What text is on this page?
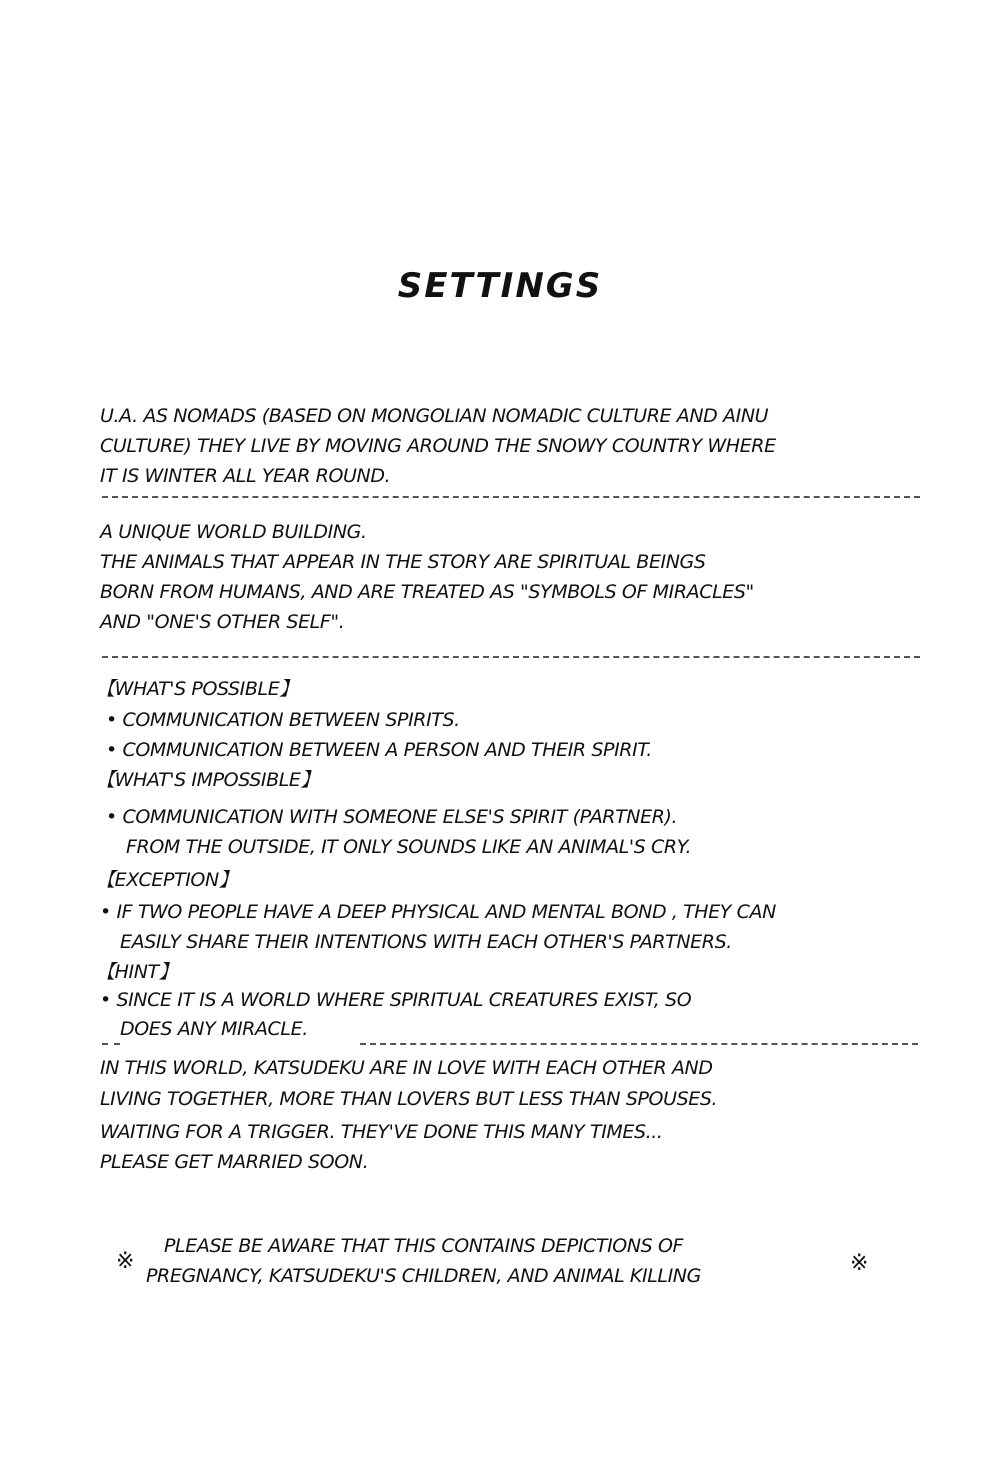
SETTINGS
U.A. AS NOMADS (BASED ON MONGOLIAN NOMADIC CULTURE AND AINU
CULTURE) THEY LIVE BY MOVING AROUND THE SNOWY COUNTRY WHERE
IT IS WINTER ALL YEAR ROUND.
A UNIQUE WORLD BUILDING.
THE ANIMALS THAT APPEAR IN THE STORY ARE SPIRITUAL BEINGS
BORN FROM HUMANS, AND ARE TREATED AS "SYMBOLS OF MIRACLES"
AND "ONE'S OTHER SELF".
【WHAT'S POSSIBLE】
• COMMUNICATION BETWEEN SPIRITS.
• COMMUNICATION BETWEEN A PERSON AND THEIR SPIRIT.
【WHAT'S IMPOSSIBLE】
• COMMUNICATION WITH SOMEONE ELSE'S SPIRIT (PARTNER).
FROM THE OUTSIDE, IT ONLY SOUNDS LIKE AN ANIMAL'S CRY.
【EXCEPTION】
• IF TWO PEOPLE HAVE A DEEP PHYSICAL AND MENTAL BOND , THEY CAN
EASILY SHARE THEIR INTENTIONS WITH EACH OTHER'S PARTNERS.
【HINT】
• SINCE IT IS A WORLD WHERE SPIRITUAL CREATURES EXIST, SO
DOES ANY MIRACLE.
IN THIS WORLD, KATSUDEKU ARE IN LOVE WITH EACH OTHER AND
LIVING TOGETHER, MORE THAN LOVERS BUT LESS THAN SPOUSES.
WAITING FOR A TRIGGER. THEY'VE DONE THIS MANY TIMES...
PLEASE GET MARRIED SOON.
※
PLEASE BE AWARE THAT THIS CONTAINS DEPICTIONS OF
PREGNANCY, KATSUDEKU'S CHILDREN, AND ANIMAL KILLING	※
